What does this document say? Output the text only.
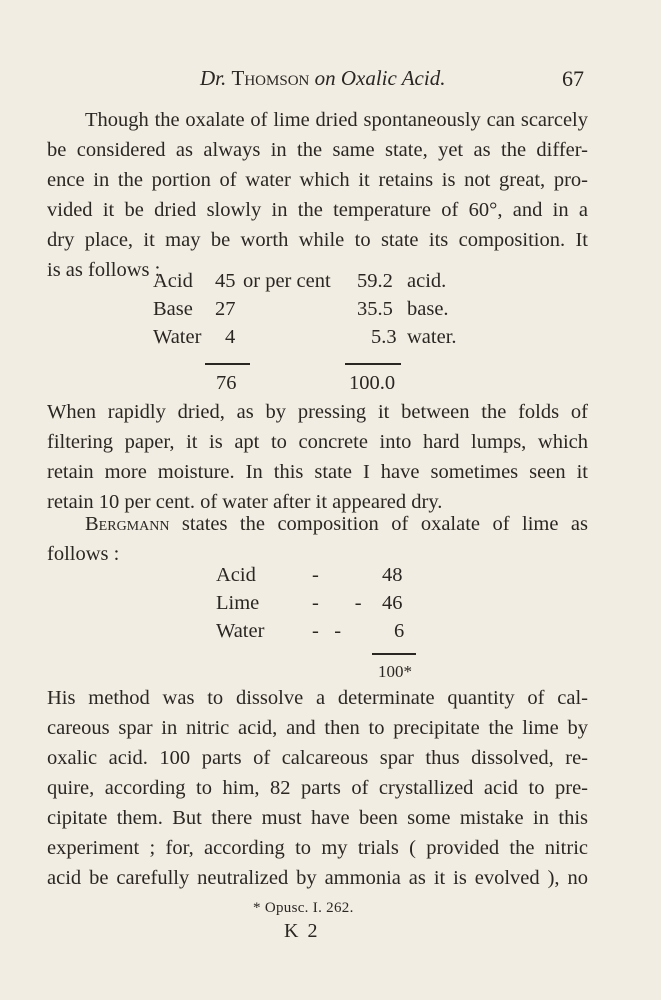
Dr. Thomson on Oxalic Acid.	67
Though the oxalate of lime dried spontaneously can scarcely
be considered as always in the same state, yet as the differ-
ence in the portion of water which it retains is not great, pro-
vided it be dried slowly in the temperature of 60°, and in a
dry place, it may be worth while to state its composition. It
is as follows :
Acid 45 or per cent 59.2 acid.
Base 27	35.5 base.
Water 4	5.3 water.
76	100.0
When rapidly dried, as by pressing it between the folds of
filtering paper, it is apt to concrete into hard lumps, which
retain more moisture. In this state I have sometimes seen it
retain 10 per cent. of water after it appeared dry.
Bergmann states the composition of oxalate of lime as
follows :
Acid	-	48
Lime	-       - 46
Water -   -	6
100*
His method was to dissolve a determinate quantity of cal-
careous spar in nitric acid, and then to precipitate the lime by
oxalic acid. 100 parts of calcareous spar thus dissolved, re-
quire, according to him, 82 parts of crystallized acid to pre-
cipitate them. But there must have been some mistake in this
experiment ; for, according to my trials ( provided the nitric
acid be carefully neutralized by ammonia as it is evolved ), no
* Opusc. I. 262.
K 2
